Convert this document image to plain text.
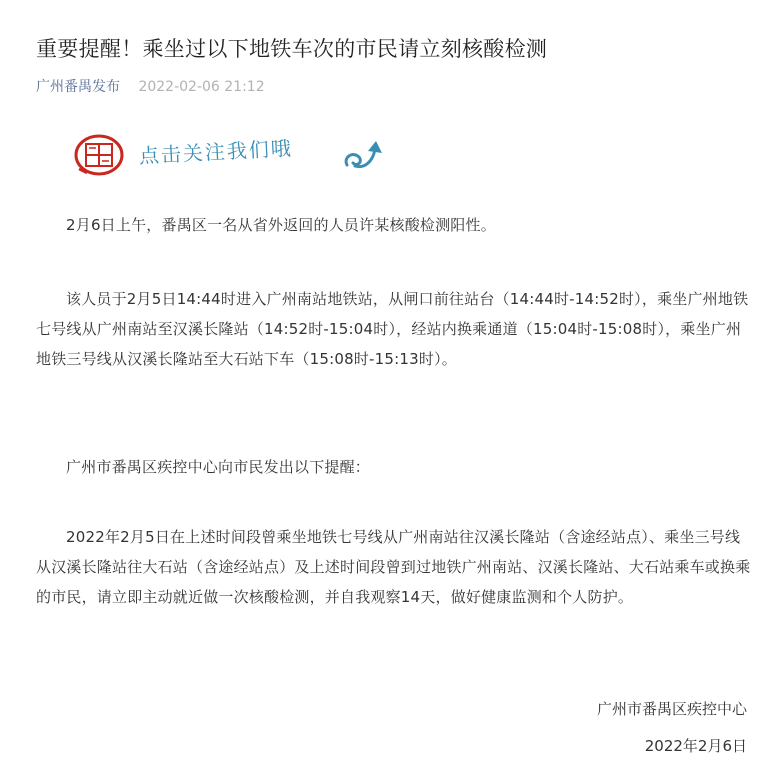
重要提醒！乘坐过以下地铁车次的市民请立刻核酸检测
广州番禺发布 2022-02-06 21:12
点击关注我们哦

2月6日上午，番禺区一名从省外返回的人员许某核酸检测阳性。

该人员于2月5日14:44时进入广州南站地铁站，从闸口前往站台（14:44时-14:52时），乘坐广州地铁七号线从广州南站至汉溪长隆站（14:52时-15:04时），经站内换乘通道（15:04时-15:08时），乘坐广州地铁三号线从汉溪长隆站至大石站下车（15:08时-15:13时）。

广州市番禺区疾控中心向市民发出以下提醒：

2022年2月5日在上述时间段曾乘坐地铁七号线从广州南站往汉溪长隆站（含途经站点）、乘坐三号线从汉溪长隆站往大石站（含途经站点）及上述时间段曾到过地铁广州南站、汉溪长隆站、大石站乘车或换乘的市民，请立即主动就近做一次核酸检测，并自我观察14天，做好健康监测和个人防护。

广州市番禺区疾控中心
2022年2月6日
